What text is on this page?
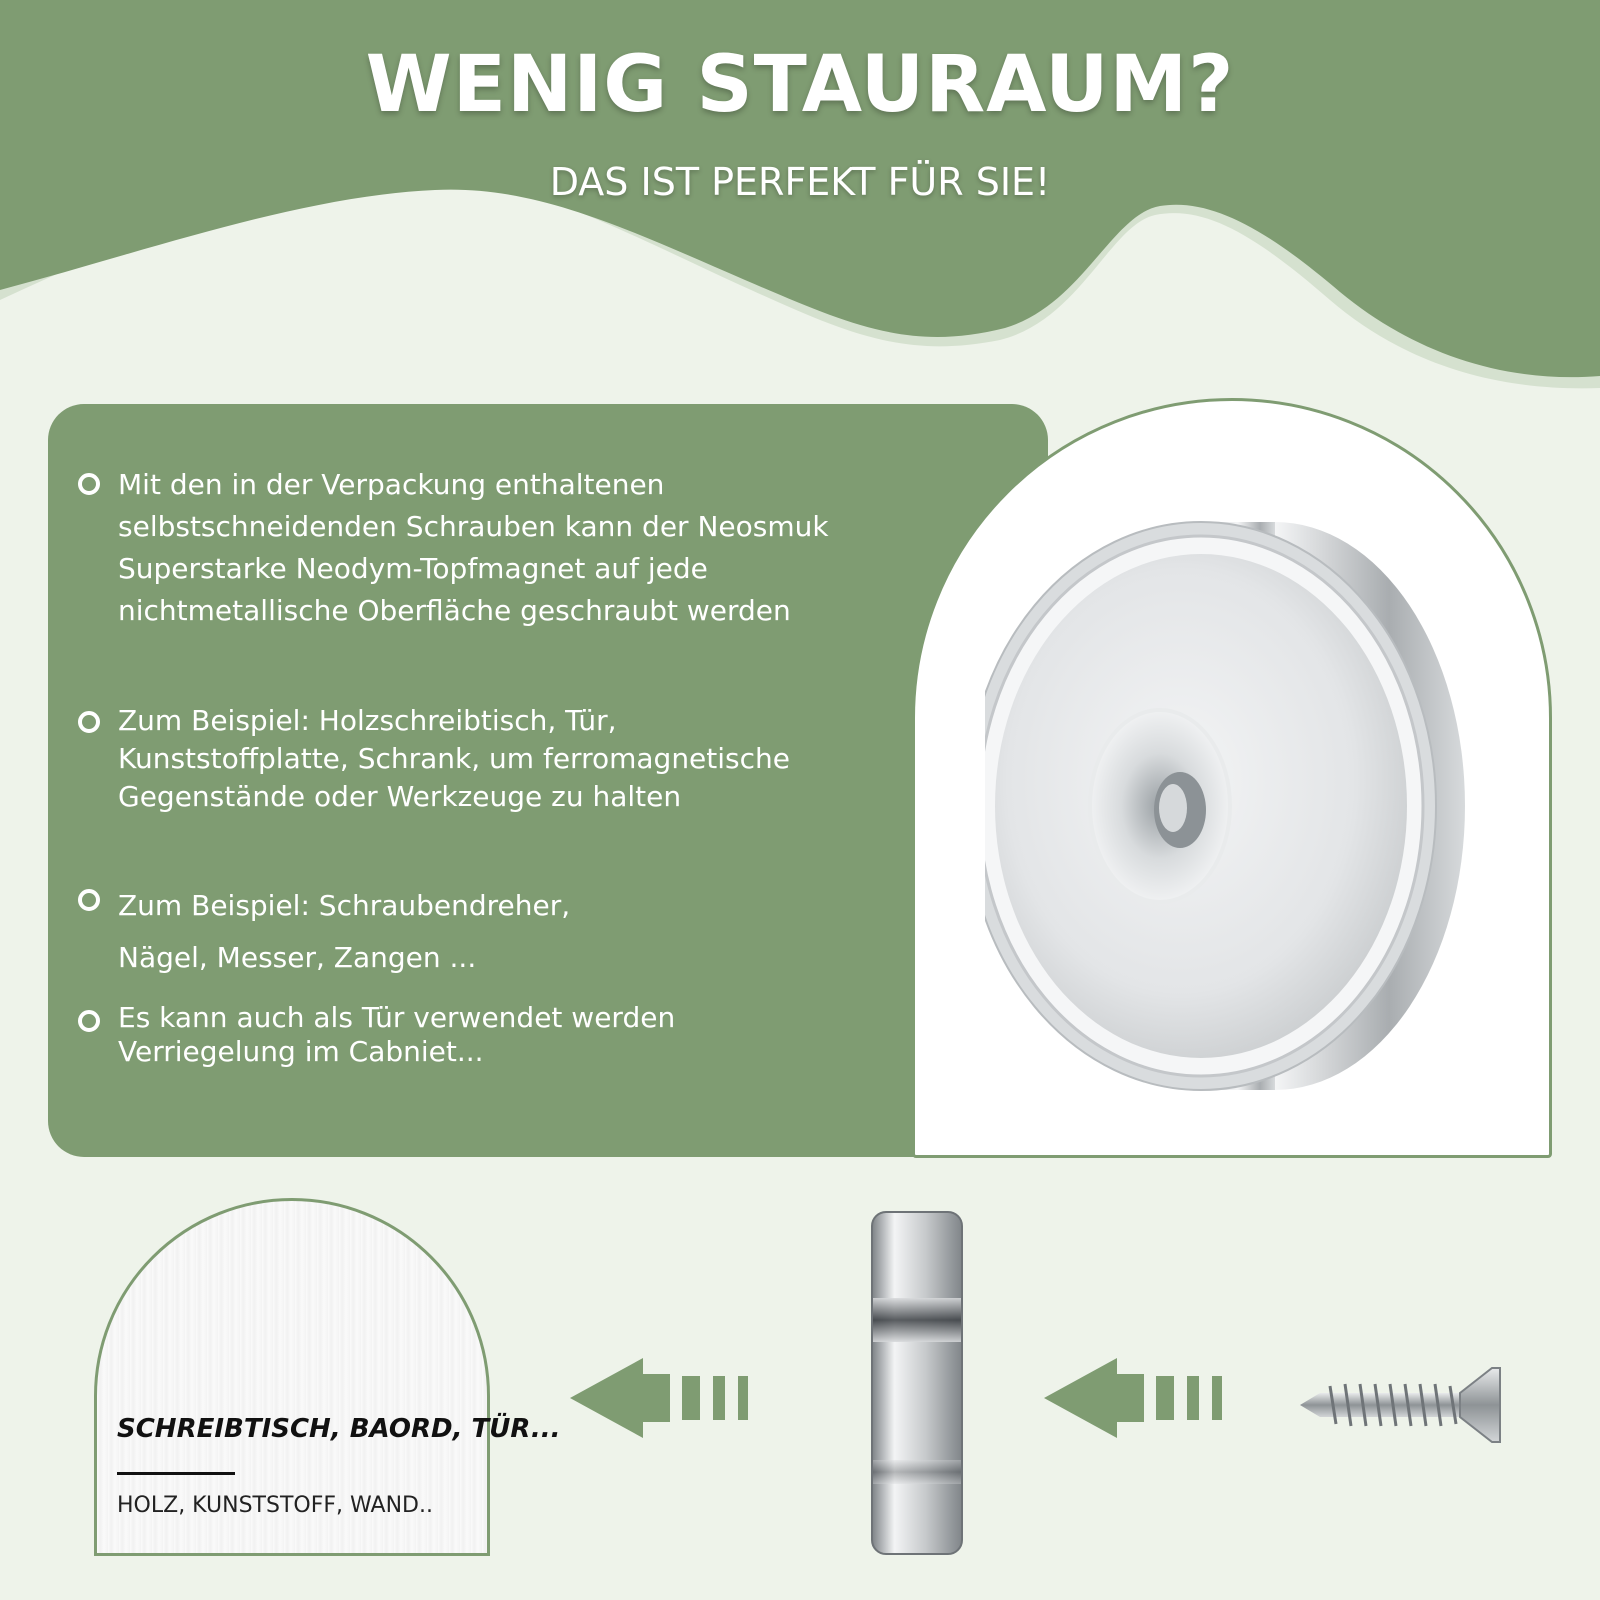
WENIG STAURAUM?
DAS IST PERFEKT FÜR SIE!
Mit den in der Verpackung enthaltenen
selbstschneidenden Schrauben kann der Neosmuk
Superstarke Neodym-Topfmagnet auf jede
nichtmetallische Oberfläche geschraubt werden
Zum Beispiel: Holzschreibtisch, Tür,
Kunststoffplatte, Schrank, um ferromagnetische
Gegenstände oder Werkzeuge zu halten
Zum Beispiel: Schraubendreher,
Nägel, Messer, Zangen ...
Es kann auch als Tür verwendet werden
Verriegelung im Cabniet...
SCHREIBTISCH, BAORD, TÜR...
HOLZ, KUNSTSTOFF, WAND..
